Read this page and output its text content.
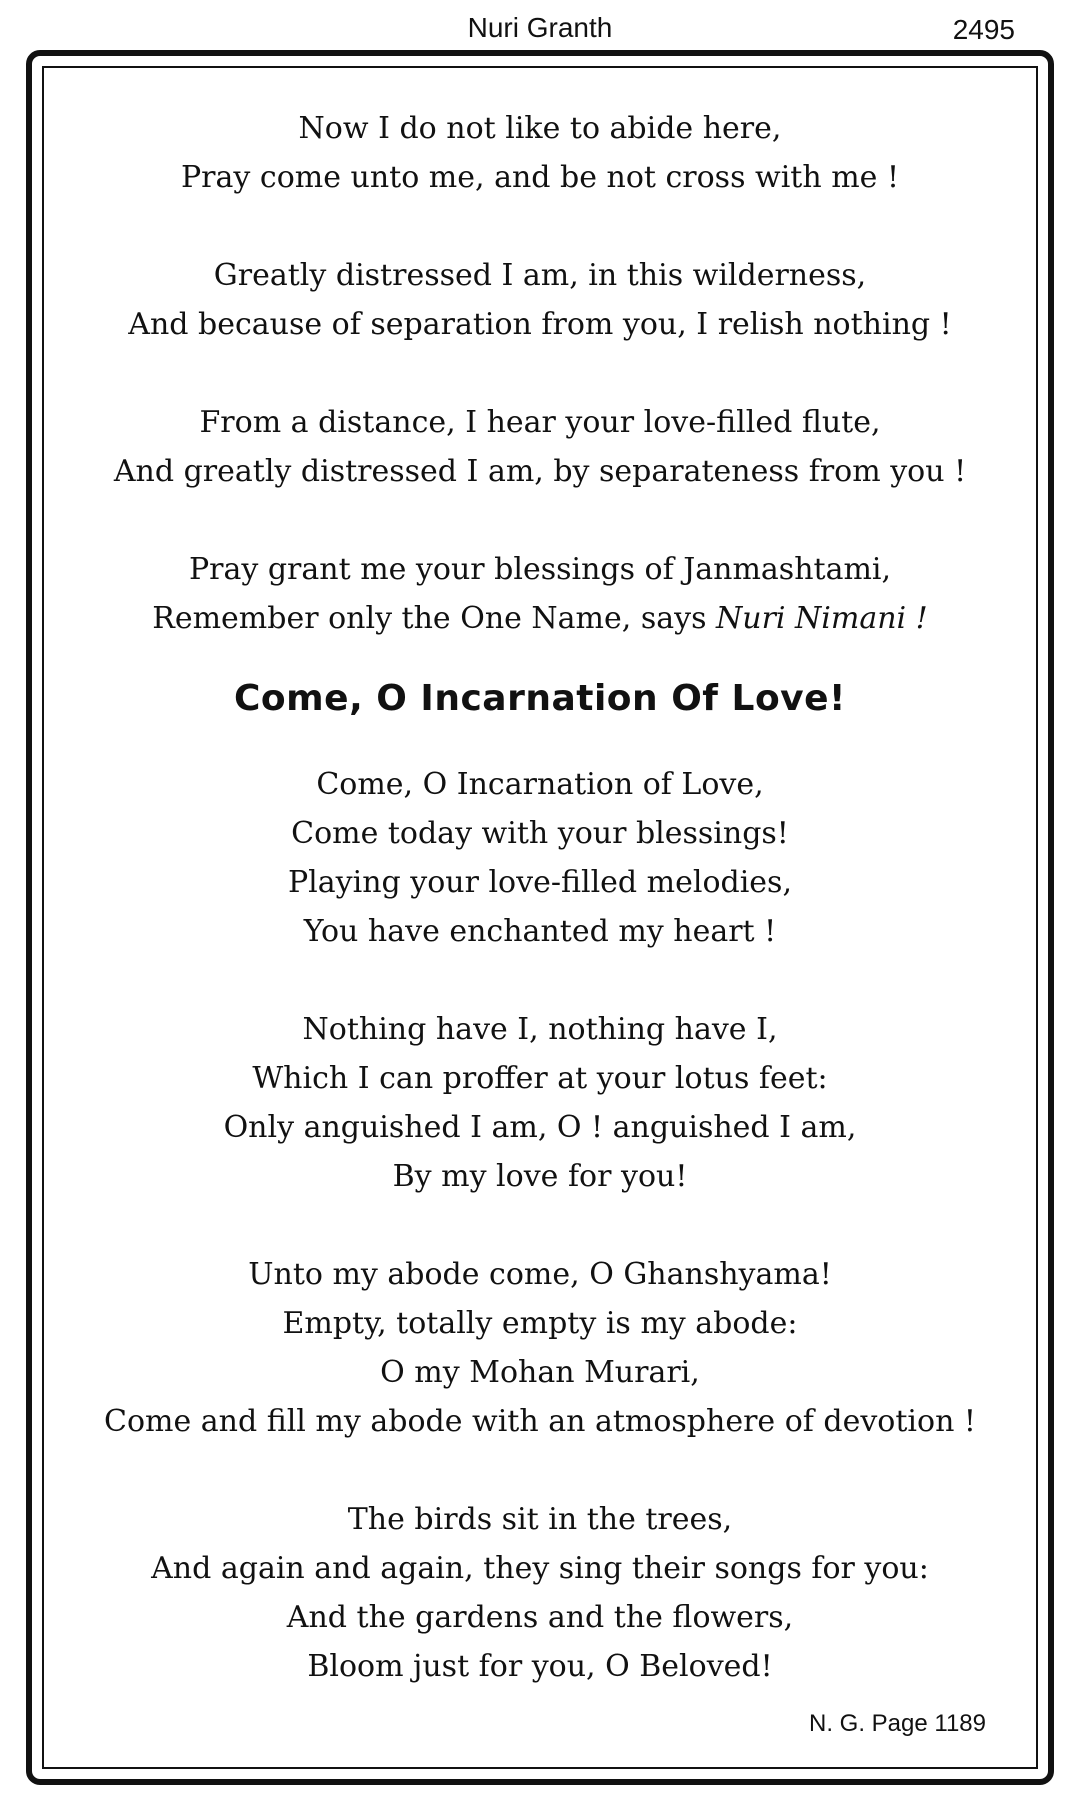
Nuri Granth	2495
Now I do not like to abide here,
Pray come unto me, and be not cross with me !
Greatly distressed I am, in this wilderness,
And because of separation from you, I relish nothing !
From a distance, I hear your love-filled flute,
And greatly distressed I am, by separateness from you !
Pray grant me your blessings of Janmashtami,
Remember only the One Name, says Nuri Nimani !
Come, O Incarnation Of Love!
Come, O Incarnation of Love,
Come today with your blessings!
Playing your love-filled melodies,
You have enchanted my heart !
Nothing have I, nothing have I,
Which I can proffer at your lotus feet:
Only anguished I am, O ! anguished I am,
By my love for you!
Unto my abode come, O Ghanshyama!
Empty, totally empty is my abode:
O my Mohan Murari,
Come and fill my abode with an atmosphere of devotion !
The birds sit in the trees,
And again and again, they sing their songs for you:
And the gardens and the flowers,
Bloom just for you, O Beloved!
N. G. Page 1189
